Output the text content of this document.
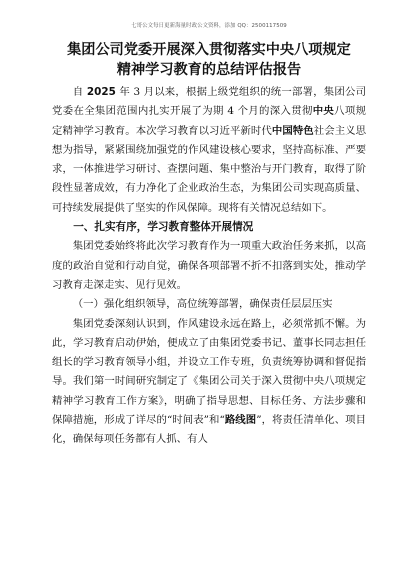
七哥公文每日更新海量时政公文资料，添加 QQ：2500117509
集团公司党委开展深入贯彻落实中央八项规定
精神学习教育的总结评估报告

自 2025 年 3 月以来，根据上级党组织的统一部署，集团公司党委在全集团范围内扎实开展了为期 4 个月的深入贯彻中央八项规定精神学习教育。本次学习教育以习近平新时代中国特色社会主义思想为指导，紧紧围绕加强党的作风建设核心要求，坚持高标准、严要求，一体推进学习研讨、查摆问题、集中整治与开门教育，取得了阶段性显著成效，有力净化了企业政治生态，为集团公司实现高质量、可持续发展提供了坚实的作风保障。现将有关情况总结如下。

一、扎实有序，学习教育整体开展情况

集团党委始终将此次学习教育作为一项重大政治任务来抓，以高度的政治自觉和行动自觉，确保各项部署不折不扣落到实处，推动学习教育走深走实、见行见效。

（一）强化组织领导，高位统筹部署，确保责任层层压实

集团党委深刻认识到，作风建设永远在路上，必须常抓不懈。为此，学习教育启动伊始，便成立了由集团党委书记、董事长同志担任组长的学习教育领导小组，并设立工作专班，负责统筹协调和督促指导。我们第一时间研究制定了《集团公司关于深入贯彻中央八项规定精神学习教育工作方案》，明确了指导思想、目标任务、方法步骤和保障措施，形成了详尽的“时间表”和“路线图”，将责任清单化、项目化，确保每项任务都有人抓、有人
